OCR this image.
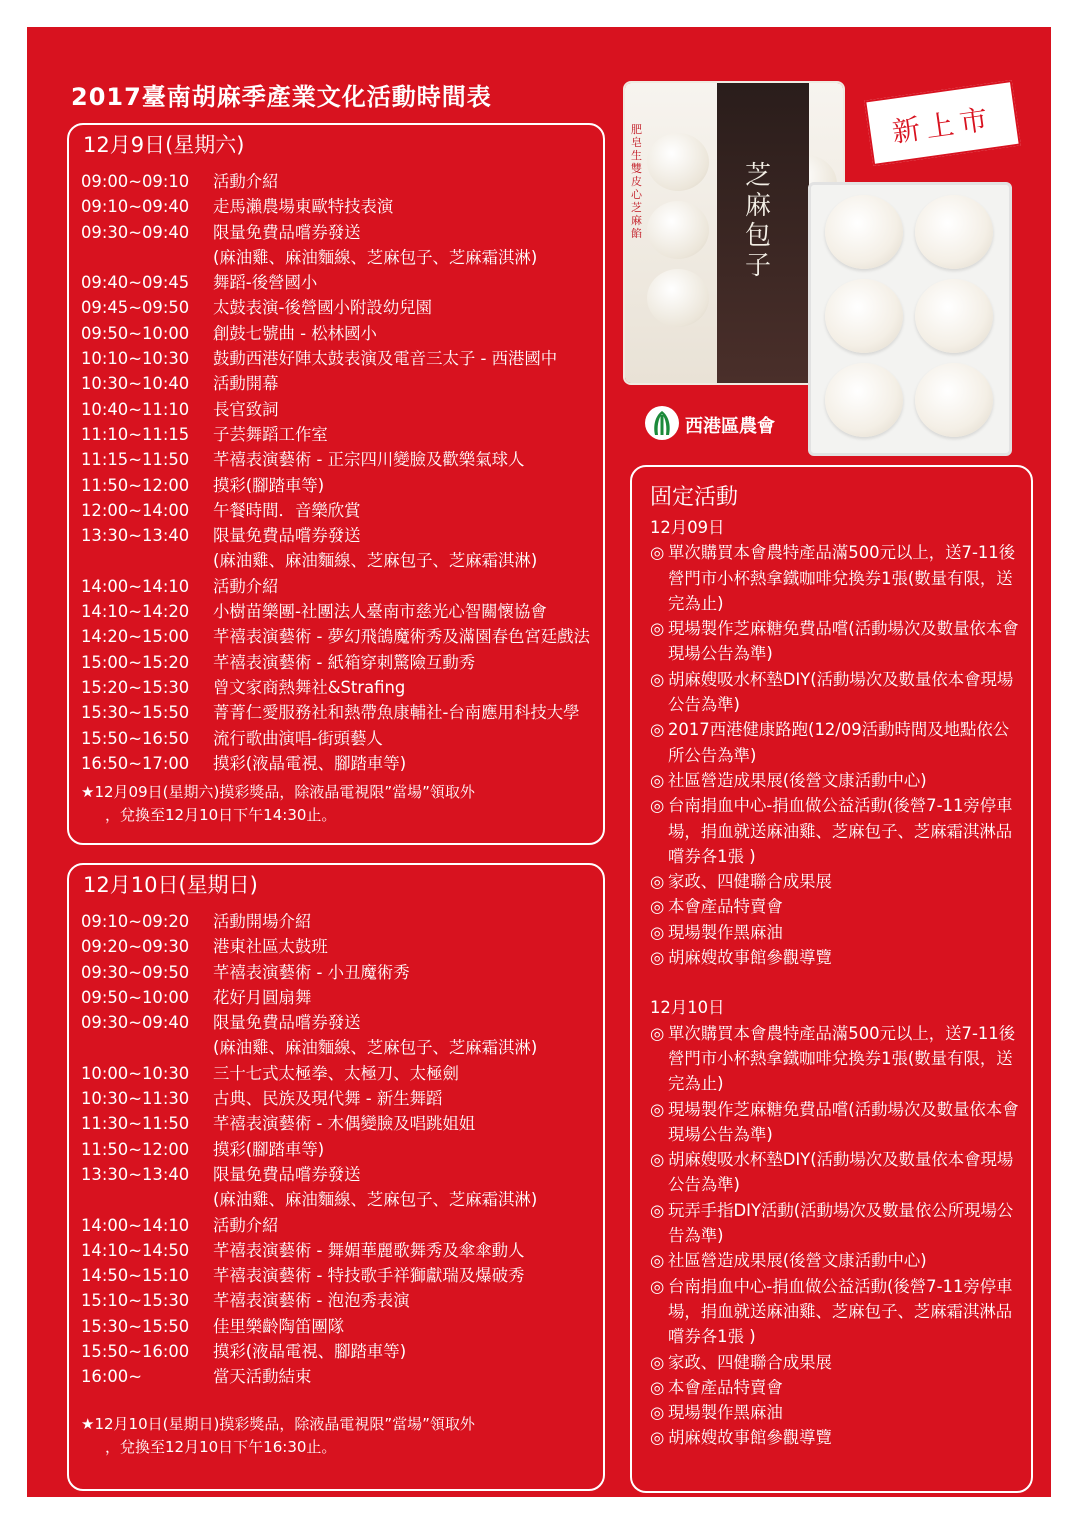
2017臺南胡麻季產業文化活動時間表
12月9日(星期六)
09:00~09:10 活動介紹
09:10~09:40 走馬瀨農場東歐特技表演
09:30~09:40 限量免費品嚐券發送
(麻油雞、麻油麵線、芝麻包子、芝麻霜淇淋)
09:40~09:45 舞蹈-後營國小
09:45~09:50 太鼓表演-後營國小附設幼兒園
09:50~10:00 創鼓七號曲 - 松林國小
10:10~10:30 鼓動西港好陣太鼓表演及電音三太子 - 西港國中
10:30~10:40 活動開幕
10:40~11:10 長官致詞
11:10~11:15 子芸舞蹈工作室
11:15~11:50 芊禧表演藝術 - 正宗四川變臉及歡樂氣球人
11:50~12:00 摸彩(腳踏車等)
12:00~14:00 午餐時間．音樂欣賞
13:30~13:40 限量免費品嚐券發送
(麻油雞、麻油麵線、芝麻包子、芝麻霜淇淋)
14:00~14:10 活動介紹
14:10~14:20 小樹苗樂團-社團法人臺南市慈光心智關懷協會
14:20~15:00 芊禧表演藝術 - 夢幻飛鴿魔術秀及滿園春色宮廷戲法
15:00~15:20 芊禧表演藝術 - 紙箱穿刺驚險互動秀
15:20~15:30 曾文家商熱舞社&Strafing
15:30~15:50 菁菁仁愛服務社和熱帶魚康輔社-台南應用科技大學
15:50~16:50 流行歌曲演唱-街頭藝人
16:50~17:00 摸彩(液晶電視、腳踏車等)
★12月09日(星期六)摸彩獎品，除液晶電視限”當場”領取外
，兌換至12月10日下午14:30止。
12月10日(星期日)
09:10~09:20 活動開場介紹
09:20~09:30 港東社區太鼓班
09:30~09:50 芊禧表演藝術 - 小丑魔術秀
09:50~10:00 花好月圓扇舞
09:30~09:40 限量免費品嚐券發送
(麻油雞、麻油麵線、芝麻包子、芝麻霜淇淋)
10:00~10:30 三十七式太極拳、太極刀、太極劍
10:30~11:30 古典、民族及現代舞 - 新生舞蹈
11:30~11:50 芊禧表演藝術 - 木偶變臉及唱跳姐姐
11:50~12:00 摸彩(腳踏車等)
13:30~13:40 限量免費品嚐券發送
(麻油雞、麻油麵線、芝麻包子、芝麻霜淇淋)
14:00~14:10 活動介紹
14:10~14:50 芊禧表演藝術 - 舞媚華麗歌舞秀及傘傘動人
14:50~15:10 芊禧表演藝術 - 特技歌手祥獅獻瑞及爆破秀
15:10~15:30 芊禧表演藝術 - 泡泡秀表演
15:30~15:50 佳里樂齡陶笛團隊
15:50~16:00 摸彩(液晶電視、腳踏車等)
16:00~	當天活動結束
★12月10日(星期日)摸彩獎品，除液晶電視限”當場”領取外
，兌換至12月10日下午16:30止。
固定活動
12月09日
◎ 單次購買本會農特產品滿500元以上，送7-11後營門市小杯熱拿鐵咖啡兌換券1張(數量有限，送完為止)
◎ 現場製作芝麻糖免費品嚐(活動場次及數量依本會現場公告為準)
◎ 胡麻嫂吸水杯墊DIY(活動場次及數量依本會現場公告為準)
◎ 2017西港健康路跑(12/09活動時間及地點依公所公告為準)
◎ 社區營造成果展(後營文康活動中心)
◎ 台南捐血中心-捐血做公益活動(後營7-11旁停車場，捐血就送麻油雞、芝麻包子、芝麻霜淇淋品嚐券各1張 )
◎ 家政、四健聯合成果展
◎ 本會產品特賣會
◎ 現場製作黑麻油
◎ 胡麻嫂故事館參觀導覽
12月10日
◎ 單次購買本會農特產品滿500元以上，送7-11後營門市小杯熱拿鐵咖啡兌換券1張(數量有限，送完為止)
◎ 現場製作芝麻糖免費品嚐(活動場次及數量依本會現場公告為準)
◎ 胡麻嫂吸水杯墊DIY(活動場次及數量依本會現場公告為準)
◎ 玩弄手指DIY活動(活動場次及數量依公所現場公告為準)
◎ 社區營造成果展(後營文康活動中心)
◎ 台南捐血中心-捐血做公益活動(後營7-11旁停車場，捐血就送麻油雞、芝麻包子、芝麻霜淇淋品嚐券各1張 )
◎ 家政、四健聯合成果展
◎ 本會產品特賣會
◎ 現場製作黑麻油
◎ 胡麻嫂故事館參觀導覽
芝麻包子
肥皂生 雙皮心 芝麻餡
新上市
西港區農會
